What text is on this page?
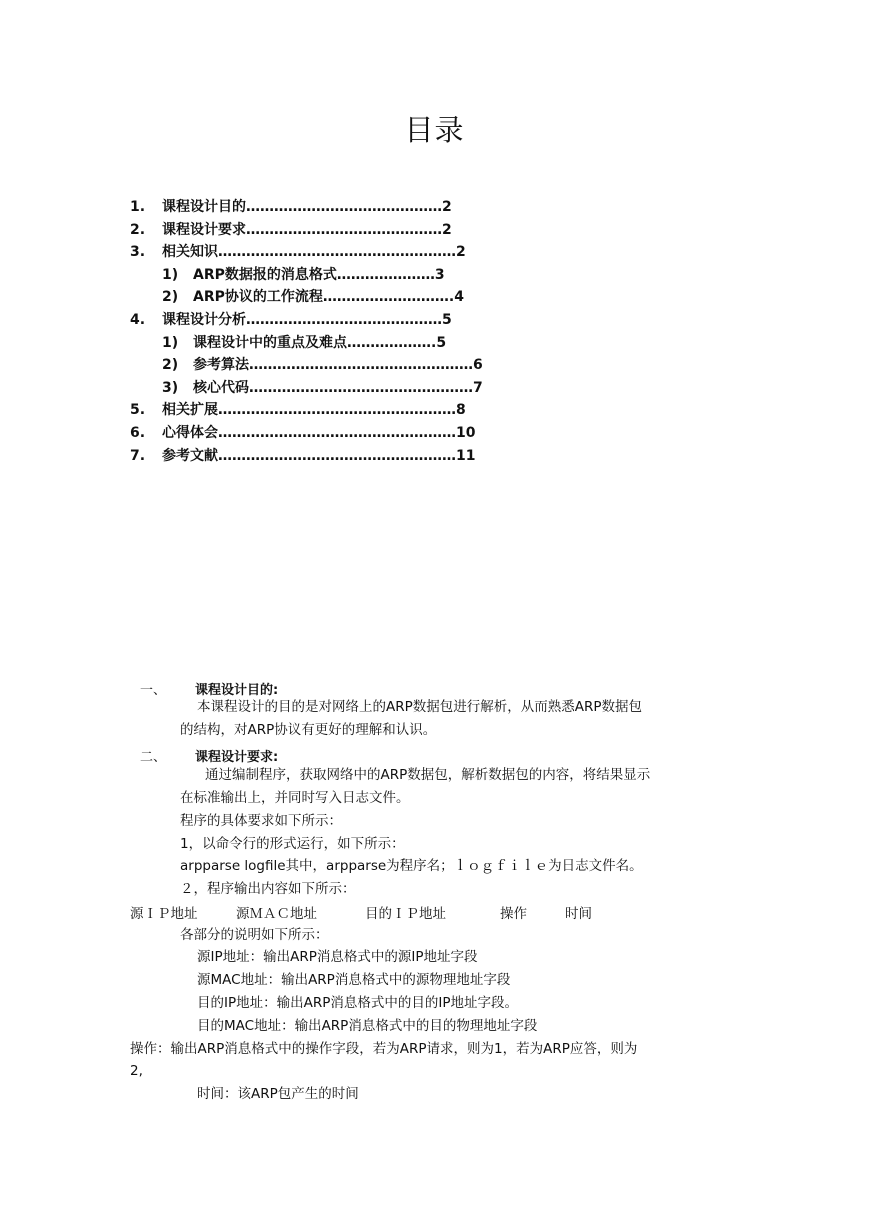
目录
1. 课程设计目的……………………………………2
2. 课程设计要求……………………………………2
3. 相关知识……………………………………………2
1) ARP数据报的消息格式…………………3
2) ARP协议的工作流程……………………….4
4. 课程设计分析……………………………………5
1) 课程设计中的重点及难点……………….5
2) 参考算法…………………………………………6
3) 核心代码…………………………………………7
5. 相关扩展……………………………………………8
6. 心得体会……………………………………………10
7. 参考文献……………………………………………11
一、 课程设计目的:
本课程设计的目的是对网络上的ARP数据包进行解析，从而熟悉ARP数据包
的结构，对ARP协议有更好的理解和认识。
二、 课程设计要求:
通过编制程序，获取网络中的ARP数据包，解析数据包的内容，将结果显示
在标准输出上，并同时写入日志文件。
程序的具体要求如下所示：
1，以命令行的形式运行，如下所示：
arpparse logfile其中，arpparse为程序名；ｌｏｇｆｉｌｅ为日志文件名。
２，程序输出内容如下所示：
源ＩＰ地址	源ＭＡＣ地址	目的ＩＰ地址	操作	时间
各部分的说明如下所示：
源IP地址：输出ARP消息格式中的源IP地址字段
源MAC地址：输出ARP消息格式中的源物理地址字段
目的IP地址：输出ARP消息格式中的目的IP地址字段。
目的MAC地址：输出ARP消息格式中的目的物理地址字段
操作：输出ARP消息格式中的操作字段，若为ARP请求，则为1，若为ARP应答，则为
2,
时间：该ARP包产生的时间
